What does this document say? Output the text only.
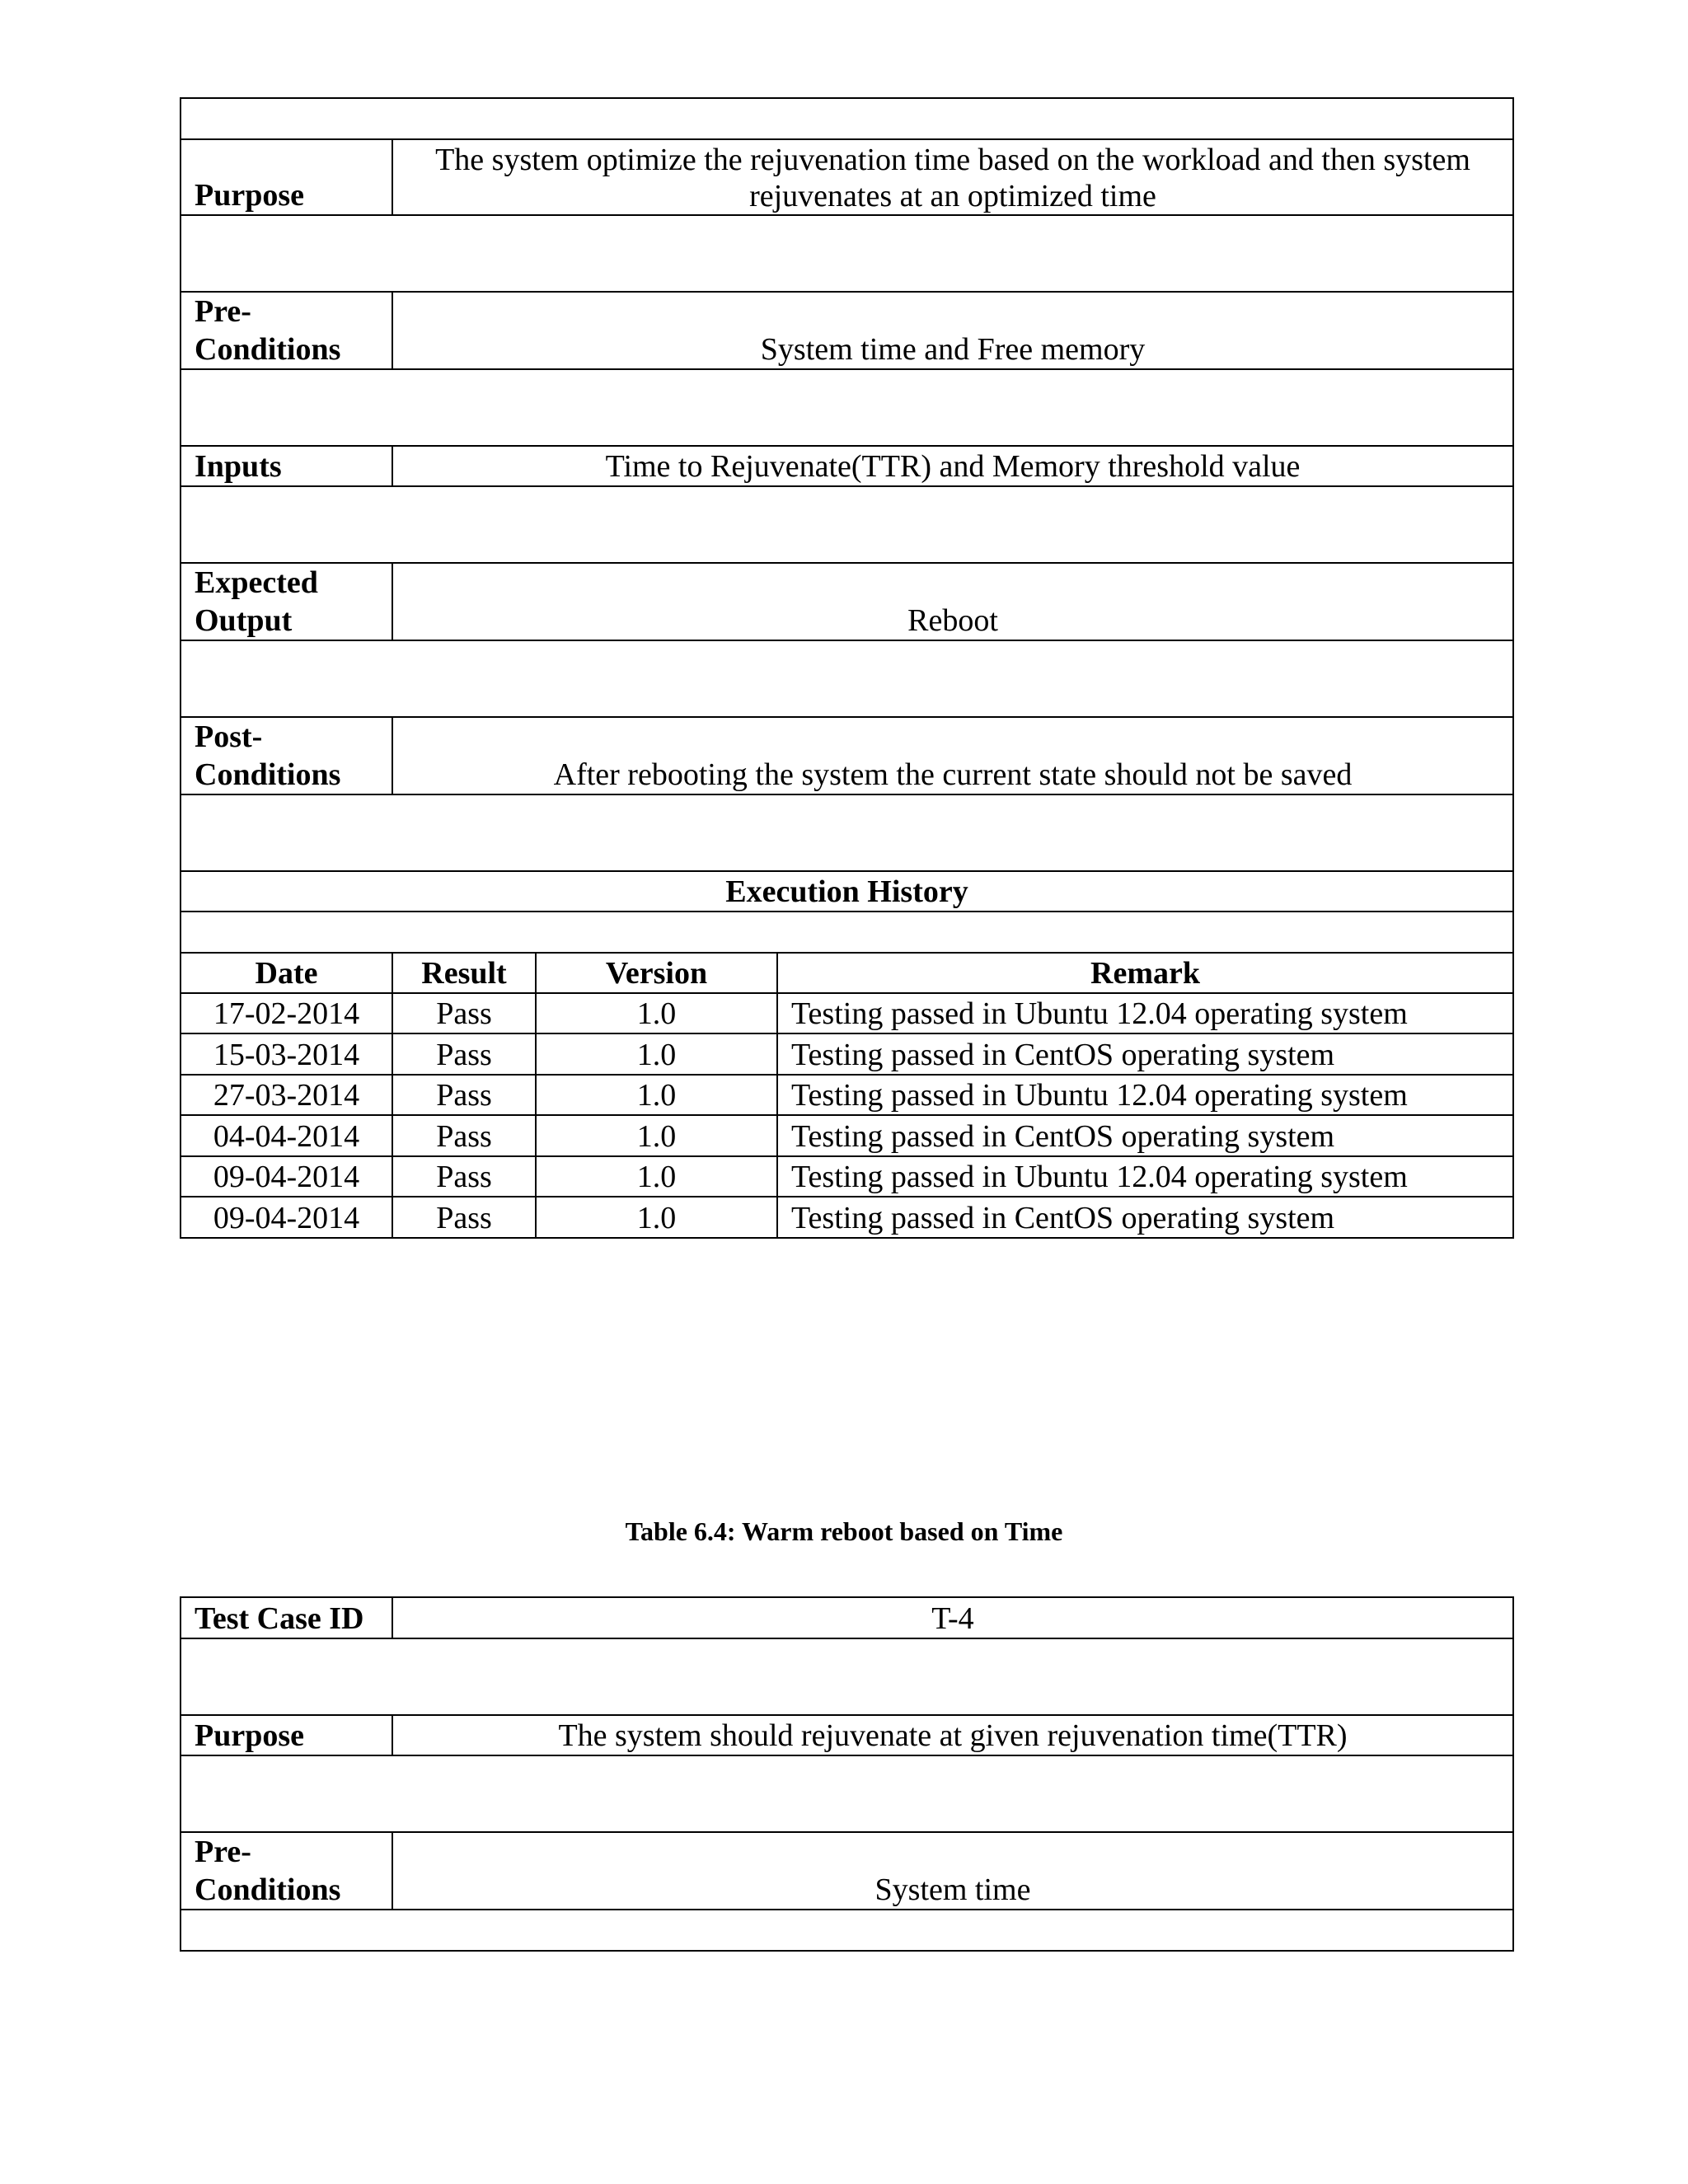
Purpose	The system optimize the rejuvenation time based on the workload and then system
rejuvenates at an optimized time		

Pre-
Conditions	System time and Free memory		

Inputs	Time to Rejuvenate(TTR) and Memory threshold value		

Expected
Output	Reboot		

Post-
Conditions	After rebooting the system the current state should not be saved		

Execution History			

Date	Result	Version	Remark
17-02-2014	Pass	1.0	Testing passed in Ubuntu 12.04 operating system
15-03-2014	Pass	1.0	Testing passed in CentOS operating system
27-03-2014	Pass	1.0	Testing passed in Ubuntu 12.04 operating system
04-04-2014	Pass	1.0	Testing passed in CentOS operating system
09-04-2014	Pass	1.0	Testing passed in Ubuntu 12.04 operating system
09-04-2014	Pass	1.0	Testing passed in CentOS operating system
Table 6.4: Warm reboot based on Time
Test Case ID	T-4

Purpose	The system should rejuvenate at given rejuvenation time(TTR)

Pre-
Conditions	System time
